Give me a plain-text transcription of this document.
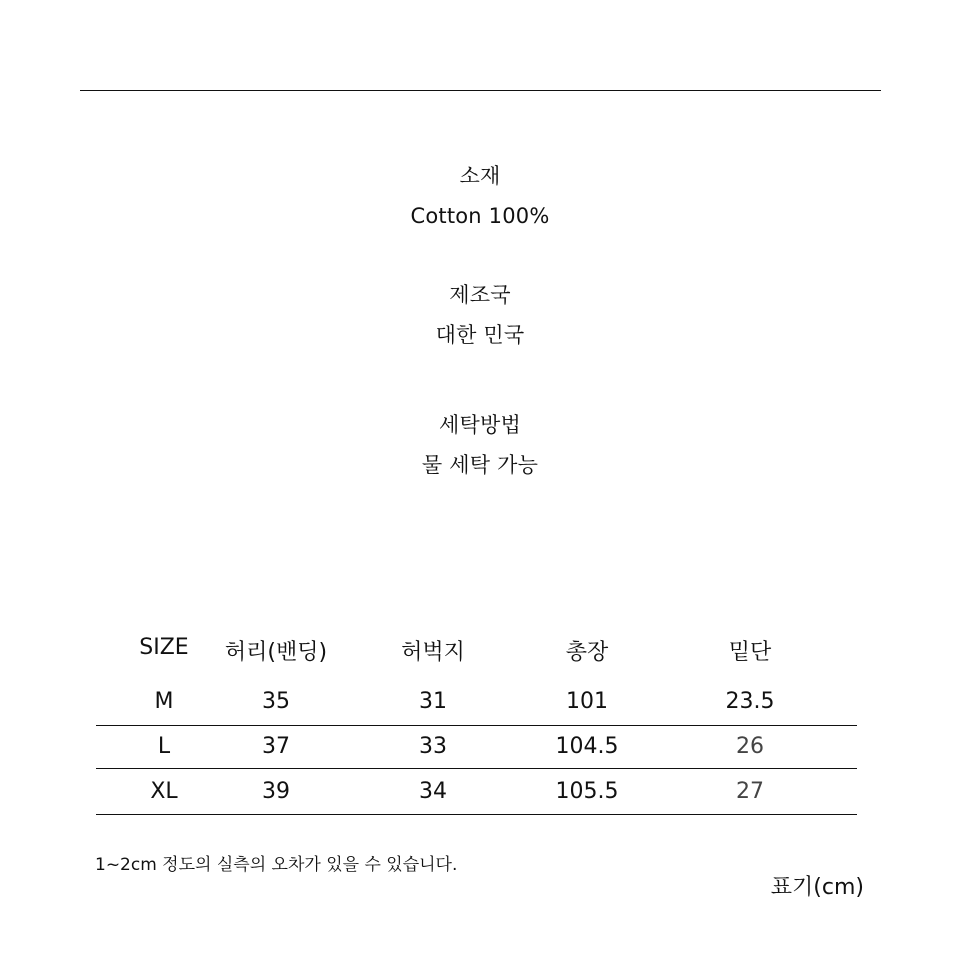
소재
Cotton 100%
제조국
대한 민국
세탁방법
물 세탁 가능
SIZE 허리(밴딩)	허벅지	총장	밑단
M	35	31	101	23.5
L	37	33	104.5	26
XL	39	34	105.5	27
1~2cm 정도의 실측의 오차가 있을 수 있습니다.
표기(cm)
